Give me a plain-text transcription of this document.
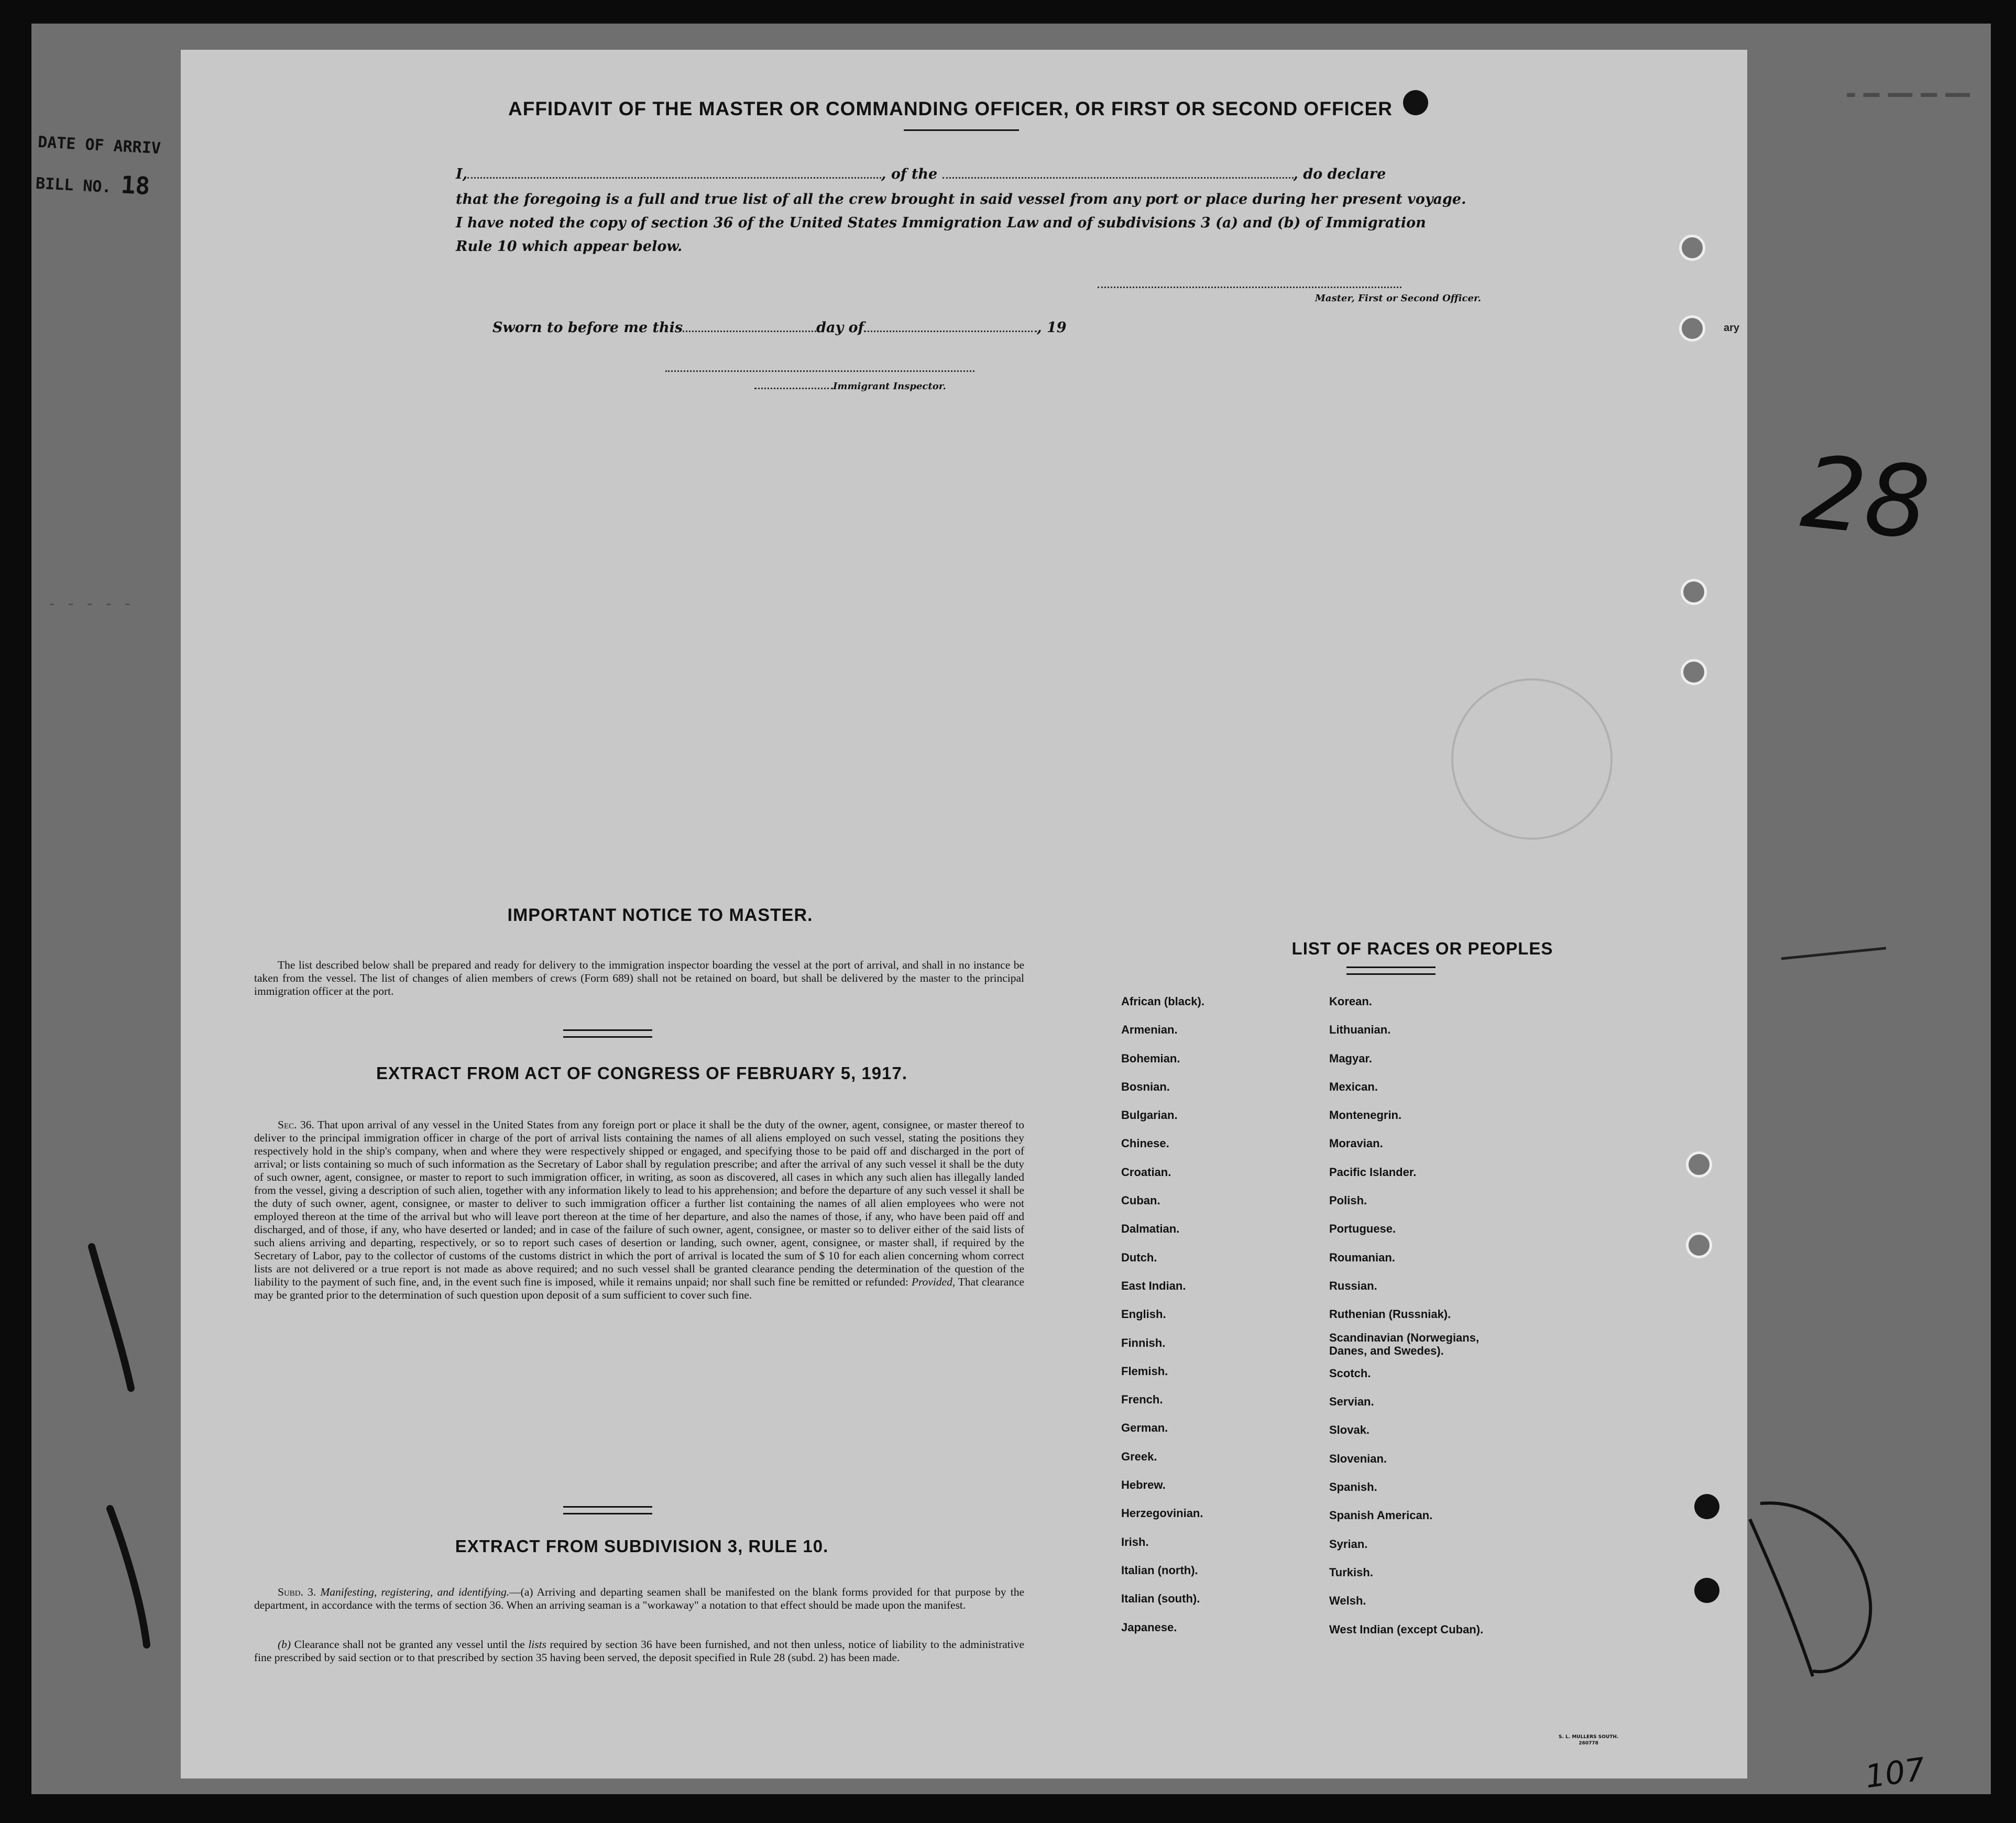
- - - - -
▬ ▬▬ ▬▬▬ ▬▬ ▬▬▬
DATE OF ARRIV
BILL NO. 18
AFFIDAVIT OF THE MASTER OR COMMANDING OFFICER, OR FIRST OR SECOND OFFICER
I,	, of the	, do declare
that the foregoing is a full and true list of all the crew brought in said vessel from any port or place during her present voyage.
I have noted the copy of section 36 of the United States Immigration Law and of subdivisions 3 (a) and (b) of Immigration
Rule 10 which appear below.
Master, First or Second Officer.
Sworn to before me this	day of	, 19
Immigrant Inspector.
IMPORTANT NOTICE TO MASTER.
The list described below shall be prepared and ready for delivery to the immigration inspector boarding the vessel at the port of arrival, and shall in no instance be taken from the vessel. The list of changes of alien members of crews (Form 689) shall not be retained on board, but shall be delivered by the master to the principal immigration officer at the port.
EXTRACT FROM ACT OF CONGRESS OF FEBRUARY 5, 1917.
Sec. 36. That upon arrival of any vessel in the United States from any foreign port or place it shall be the duty of the owner, agent, consignee, or master thereof to deliver to the principal immigration officer in charge of the port of arrival lists containing the names of all aliens employed on such vessel, stating the positions they respectively hold in the ship's company, when and where they were respectively shipped or engaged, and specifying those to be paid off and discharged in the port of arrival; or lists containing so much of such information as the Secretary of Labor shall by regulation prescribe; and after the arrival of any such vessel it shall be the duty of such owner, agent, consignee, or master to report to such immigration officer, in writing, as soon as discovered, all cases in which any such alien has illegally landed from the vessel, giving a description of such alien, together with any information likely to lead to his apprehension; and before the departure of any such vessel it shall be the duty of such owner, agent, consignee, or master to deliver to such immigration officer a further list containing the names of all alien employees who were not employed thereon at the time of the arrival but who will leave port thereon at the time of her departure, and also the names of those, if any, who have been paid off and discharged, and of those, if any, who have deserted or landed; and in case of the failure of such owner, agent, consignee, or master so to deliver either of the said lists of such aliens arriving and departing, respectively, or so to report such cases of desertion or landing, such owner, agent, consignee, or master shall, if required by the Secretary of Labor, pay to the collector of customs of the customs district in which the port of arrival is located the sum of $ 10 for each alien concerning whom correct lists are not delivered or a true report is not made as above required; and no such vessel shall be granted clearance pending the determination of the question of the liability to the payment of such fine, and, in the event such fine is imposed, while it remains unpaid; nor shall such fine be remitted or refunded: Provided, That clearance may be granted prior to the determination of such question upon deposit of a sum sufficient to cover such fine.
EXTRACT FROM SUBDIVISION 3, RULE 10.
Subd. 3. Manifesting, registering, and identifying.—(a) Arriving and departing seamen shall be manifested on the blank forms provided for that purpose by the department, in accordance with the terms of section 36. When an arriving seaman is a "workaway" a notation to that effect should be made upon the manifest.
(b) Clearance shall not be granted any vessel until the lists required by section 36 have been furnished, and not then unless, notice of liability to the administrative fine prescribed by said section or to that prescribed by section 35 having been served, the deposit specified in Rule 28 (subd. 2) has been made.
LIST OF RACES OR PEOPLES
African (black).
Armenian.
Bohemian.
Bosnian.
Bulgarian.
Chinese.
Croatian.
Cuban.
Dalmatian.
Dutch.
East Indian.
English.
Finnish.
Flemish.
French.
German.
Greek.
Hebrew.
Herzegovinian.
Irish.
Italian (north).
Italian (south).
Japanese.
Korean.
Lithuanian.
Magyar.
Mexican.
Montenegrin.
Moravian.
Pacific Islander.
Polish.
Portuguese.
Roumanian.
Russian.
Ruthenian (Russniak).
Scandinavian (Norwegians, Danes, and Swedes).
Scotch.
Servian.
Slovak.
Slovenian.
Spanish.
Spanish American.
Syrian.
Turkish.
Welsh.
West Indian (except Cuban).
ary
S. L. MULLERS SOUTH.
260778
28
107
